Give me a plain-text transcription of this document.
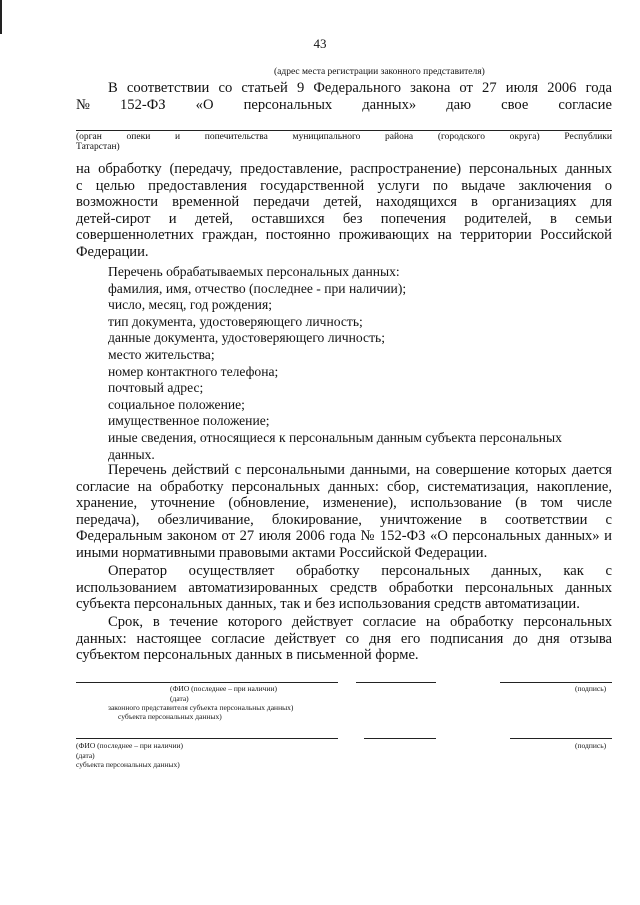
43
(адрес места регистрации законного представителя)
В соответствии со статьей 9 Федерального закона от 27 июля 2006 года
№ 152-ФЗ «О персональных данных» даю свое согласие
(орган опеки и попечительства муниципального района (городского округа) Республики
Татарстан)
на обработку (передачу, предоставление, распространение) персональных данных
с целью предоставления государственной услуги по выдаче заключения о
возможности временной передачи детей, находящихся в организациях для
детей-сирот и детей, оставшихся без попечения родителей, в семьи
совершеннолетних граждан, постоянно проживающих на территории Российской
Федерации.
Перечень обрабатываемых персональных данных:
фамилия, имя, отчество (последнее - при наличии);
число, месяц, год рождения;
тип документа, удостоверяющего личность;
данные документа, удостоверяющего личность;
место жительства;
номер контактного телефона;
почтовый адрес;
социальное положение;
имущественное положение;
иные сведения, относящиеся к персональным данным субъекта персональных
данных.
Перечень действий с персональными данными, на совершение которых дается
согласие на обработку персональных данных: сбор, систематизация, накопление,
хранение, уточнение (обновление, изменение), использование (в том числе
передача), обезличивание, блокирование, уничтожение в соответствии с
Федеральным законом от 27 июля 2006 года № 152-ФЗ «О персональных данных» и
иными нормативными правовыми актами Российской Федерации.
Оператор осуществляет обработку персональных данных, как с
использованием автоматизированных средств обработки персональных данных
субъекта персональных данных, так и без использования средств автоматизации.
Срок, в течение которого действует согласие на обработку персональных
данных: настоящее согласие действует со дня его подписания до дня отзыва
субъектом персональных данных в письменной форме.
(ФИО (последнее – при наличии)
(дата)
законного представителя субъекта персональных данных)
субъекта персональных данных)
(подпись)
(ФИО (последнее – при наличии)
(дата)
субъекта персональных данных)
(подпись)
